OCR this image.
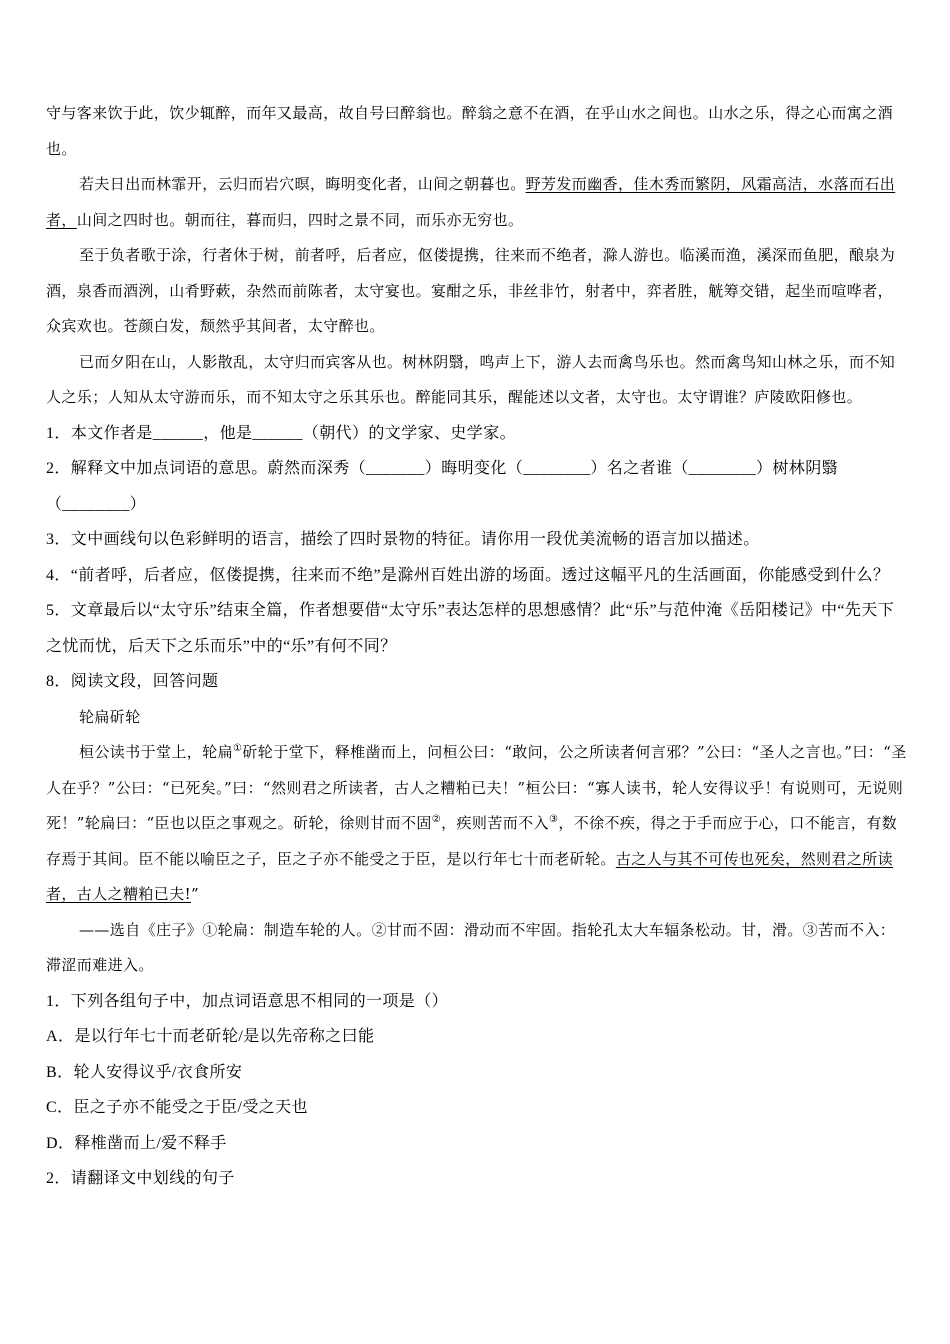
守与客来饮于此，饮少辄醉，而年又最高，故自号曰醉翁也。醉翁之意不在酒，在乎山水之间也。山水之乐，得之心而寓之酒也。

若夫日出而林霏开，云归而岩穴暝，晦明变化者，山间之朝暮也。野芳发而幽香，佳木秀而繁阴，风霜高洁，水落而石出者，山间之四时也。朝而往，暮而归，四时之景不同，而乐亦无穷也。

至于负者歌于涂，行者休于树，前者呼，后者应，伛偻提携，往来而不绝者，滁人游也。临溪而渔，溪深而鱼肥，酿泉为酒，泉香而酒洌，山肴野蔌，杂然而前陈者，太守宴也。宴酣之乐，非丝非竹，射者中，弈者胜，觥筹交错，起坐而喧哗者，众宾欢也。苍颜白发，颓然乎其间者，太守醉也。

已而夕阳在山，人影散乱，太守归而宾客从也。树林阴翳，鸣声上下，游人去而禽鸟乐也。然而禽鸟知山林之乐，而不知人之乐；人知从太守游而乐，而不知太守之乐其乐也。醉能同其乐，醒能述以文者，太守也。太守谓谁？庐陵欧阳修也。

1．本文作者是______，他是______（朝代）的文学家、史学家。

2．解释文中加点词语的意思。蔚然而深秀（_______）晦明变化（________）名之者谁（________）树林阴翳（________）

3．文中画线句以色彩鲜明的语言，描绘了四时景物的特征。请你用一段优美流畅的语言加以描述。

4．“前者呼，后者应，伛偻提携，往来而不绝”是滁州百姓出游的场面。透过这幅平凡的生活画面，你能感受到什么？

5．文章最后以“太守乐”结束全篇，作者想要借“太守乐”表达怎样的思想感情？此“乐”与范仲淹《岳阳楼记》中“先天下之忧而忧，后天下之乐而乐”中的“乐”有何不同？

8．阅读文段，回答问题

轮扁斫轮

桓公读书于堂上，轮扁①斫轮于堂下，释椎凿而上，问桓公曰：“敢问，公之所读者何言邪？”公曰：“圣人之言也。”曰：“圣人在乎？”公曰：“已死矣。”曰：“然则君之所读者，古人之糟粕已夫！”桓公曰：“寡人读书，轮人安得议乎！有说则可，无说则死！”轮扁曰：“臣也以臣之事观之。斫轮，徐则甘而不固②，疾则苦而不入③，不徐不疾，得之于手而应于心，口不能言，有数存焉于其间。臣不能以喻臣之子，臣之子亦不能受之于臣，是以行年七十而老斫轮。古之人与其不可传也死矣，然则君之所读者，古人之糟粕已夫!”

——选自《庄子》①轮扁：制造车轮的人。②甘而不固：滑动而不牢固。指轮孔太大车辐条松动。甘，滑。③苦而不入：滞涩而难进入。

1．下列各组句子中，加点词语意思不相同的一项是（）

A．是以行年七十而老斫轮/是以先帝称之曰能

B．轮人安得议乎/衣食所安

C．臣之子亦不能受之于臣/受之天也

D．释椎凿而上/爱不释手

2．请翻译文中划线的句子
